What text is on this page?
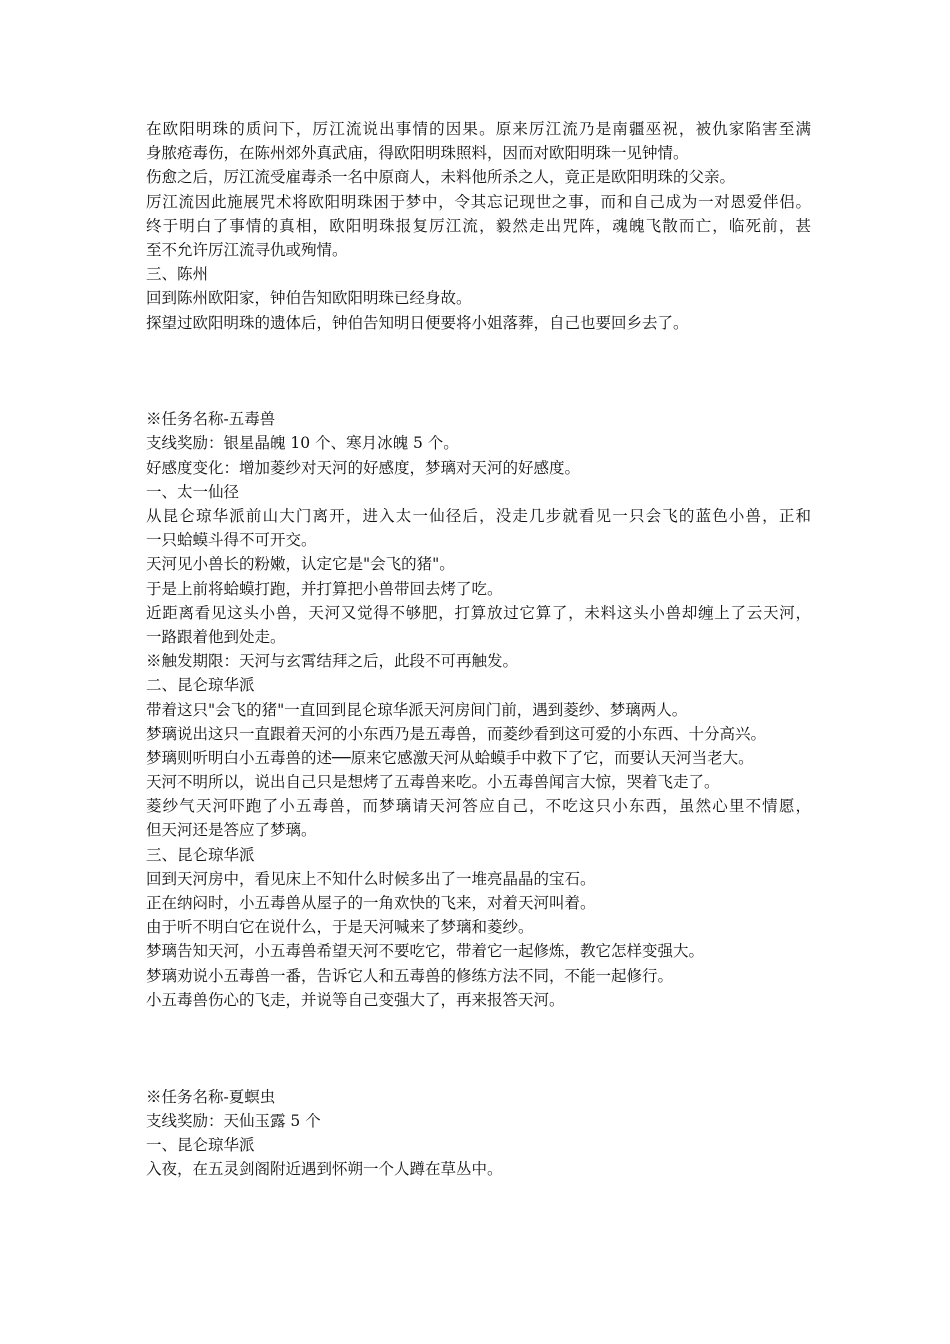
在欧阳明珠的质问下，厉江流说出事情的因果。原来厉江流乃是南疆巫祝，被仇家陷害至满
身脓疮毒伤，在陈州郊外真武庙，得欧阳明珠照料，因而对欧阳明珠一见钟情。
伤愈之后，厉江流受雇毒杀一名中原商人，未料他所杀之人，竟正是欧阳明珠的父亲。
厉江流因此施展咒术将欧阳明珠困于梦中，令其忘记现世之事，而和自己成为一对恩爱伴侣。
终于明白了事情的真相，欧阳明珠报复厉江流，毅然走出咒阵，魂魄飞散而亡，临死前，甚
至不允许厉江流寻仇或殉情。
三、陈州
回到陈州欧阳家，钟伯告知欧阳明珠已经身故。
探望过欧阳明珠的遗体后，钟伯告知明日便要将小姐落葬，自己也要回乡去了。
※任务名称-五毒兽
支线奖励：银星晶魄 10 个、寒月冰魄 5 个。
好感度变化：增加菱纱对天河的好感度，梦璃对天河的好感度。
一、太一仙径
从昆仑琼华派前山大门离开，进入太一仙径后，没走几步就看见一只会飞的蓝色小兽，正和
一只蛤蟆斗得不可开交。
天河见小兽长的粉嫩，认定它是"会飞的猪"。
于是上前将蛤蟆打跑，并打算把小兽带回去烤了吃。
近距离看见这头小兽，天河又觉得不够肥，打算放过它算了，未料这头小兽却缠上了云天河，
一路跟着他到处走。
※触发期限：天河与玄霄结拜之后，此段不可再触发。
二、昆仑琼华派
带着这只"会飞的猪"一直回到昆仑琼华派天河房间门前，遇到菱纱、梦璃两人。
梦璃说出这只一直跟着天河的小东西乃是五毒兽，而菱纱看到这可爱的小东西、十分高兴。
梦璃则听明白小五毒兽的述──原来它感激天河从蛤蟆手中救下了它，而要认天河当老大。
天河不明所以，说出自己只是想烤了五毒兽来吃。小五毒兽闻言大惊，哭着飞走了。
菱纱气天河吓跑了小五毒兽，而梦璃请天河答应自己，不吃这只小东西，虽然心里不情愿，
但天河还是答应了梦璃。
三、昆仑琼华派
回到天河房中，看见床上不知什么时候多出了一堆亮晶晶的宝石。
正在纳闷时，小五毒兽从屋子的一角欢快的飞来，对着天河叫着。
由于听不明白它在说什么，于是天河喊来了梦璃和菱纱。
梦璃告知天河，小五毒兽希望天河不要吃它，带着它一起修炼，教它怎样变强大。
梦璃劝说小五毒兽一番，告诉它人和五毒兽的修练方法不同，不能一起修行。
小五毒兽伤心的飞走，并说等自己变强大了，再来报答天河。
※任务名称-夏螟虫
支线奖励：天仙玉露 5 个
一、昆仑琼华派
入夜，在五灵剑阁附近遇到怀朔一个人蹲在草丛中。
